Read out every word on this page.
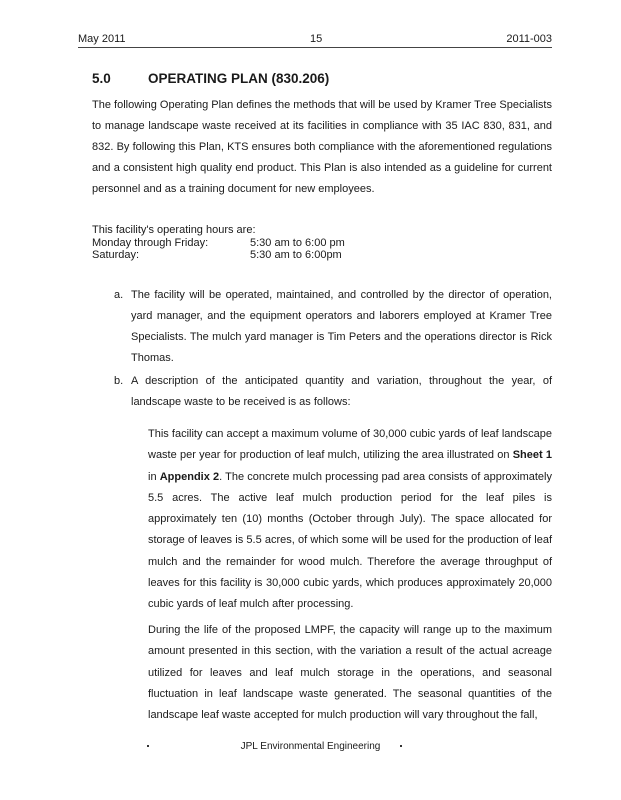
May 2011	15	2011-003
5.0	OPERATING PLAN (830.206)
The following Operating Plan defines the methods that will be used by Kramer Tree Specialists to manage landscape waste received at its facilities in compliance with 35 IAC 830, 831, and 832. By following this Plan, KTS ensures both compliance with the aforementioned regulations and a consistent high quality end product. This Plan is also intended as a guideline for current personnel and as a training document for new employees.
This facility's operating hours are:
Monday through Friday:	5:30 am to 6:00 pm
Saturday:	5:30 am to 6:00pm
a. The facility will be operated, maintained, and controlled by the director of operation, yard manager, and the equipment operators and laborers employed at Kramer Tree Specialists. The mulch yard manager is Tim Peters and the operations director is Rick Thomas.
b. A description of the anticipated quantity and variation, throughout the year, of landscape waste to be received is as follows:
This facility can accept a maximum volume of 30,000 cubic yards of leaf landscape waste per year for production of leaf mulch, utilizing the area illustrated on Sheet 1 in Appendix 2. The concrete mulch processing pad area consists of approximately 5.5 acres. The active leaf mulch production period for the leaf piles is approximately ten (10) months (October through July). The space allocated for storage of leaves is 5.5 acres, of which some will be used for the production of leaf mulch and the remainder for wood mulch. Therefore the average throughput of leaves for this facility is 30,000 cubic yards, which produces approximately 20,000 cubic yards of leaf mulch after processing.
During the life of the proposed LMPF, the capacity will range up to the maximum amount presented in this section, with the variation a result of the actual acreage utilized for leaves and leaf mulch storage in the operations, and seasonal fluctuation in leaf landscape waste generated. The seasonal quantities of the landscape leaf waste accepted for mulch production will vary throughout the fall,
JPL Environmental Engineering
